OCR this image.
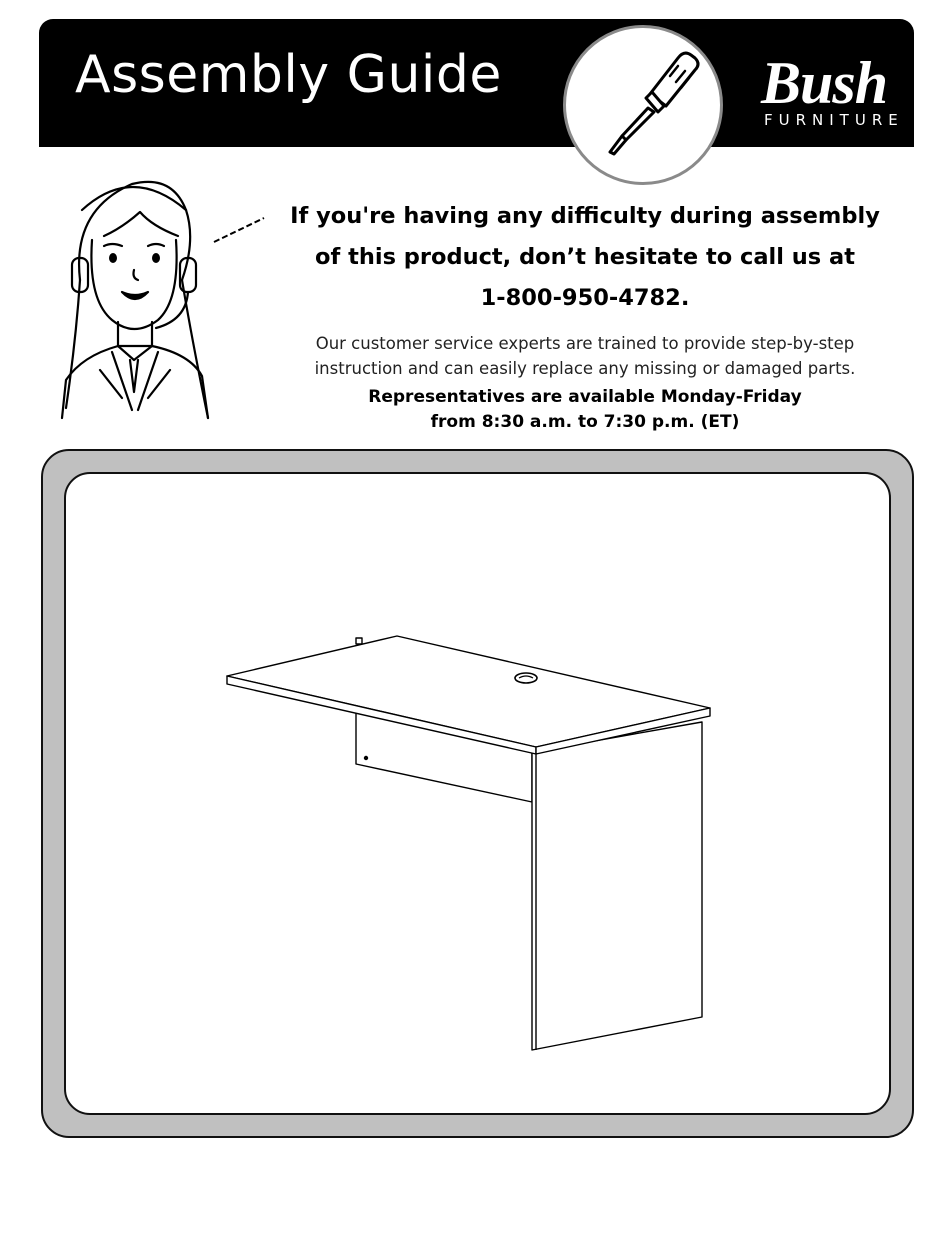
Assembly Guide	Bush	®
FURNITURE

If you're having any difficulty during assembly
of this product, don’t hesitate to call us at
1-800-950-4782.

Our customer service experts are trained to provide step-by-step
instruction and can easily replace any missing or damaged parts.

Representatives are available Monday-Friday
from 8:30 a.m. to 7:30 p.m. (ET)
